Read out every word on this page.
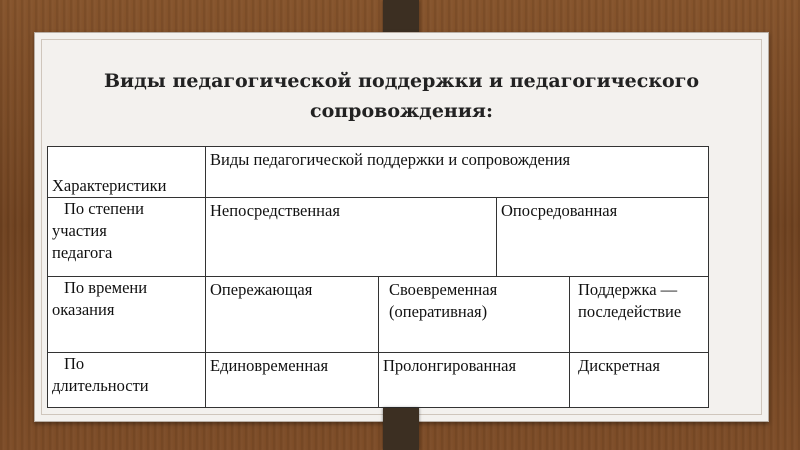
Виды педагогической поддержки и педагогического
сопровождения:
Характеристики	Виды педагогической поддержки и сопровождения			

По степени
участия
педагога	Непосредственная		Опосредованная	

По времени
оказания	Опережающая	Своевременная (оперативная)		Поддержка — последействие

По
длительности	Единовременная	Пролонгированная		Дискретная
